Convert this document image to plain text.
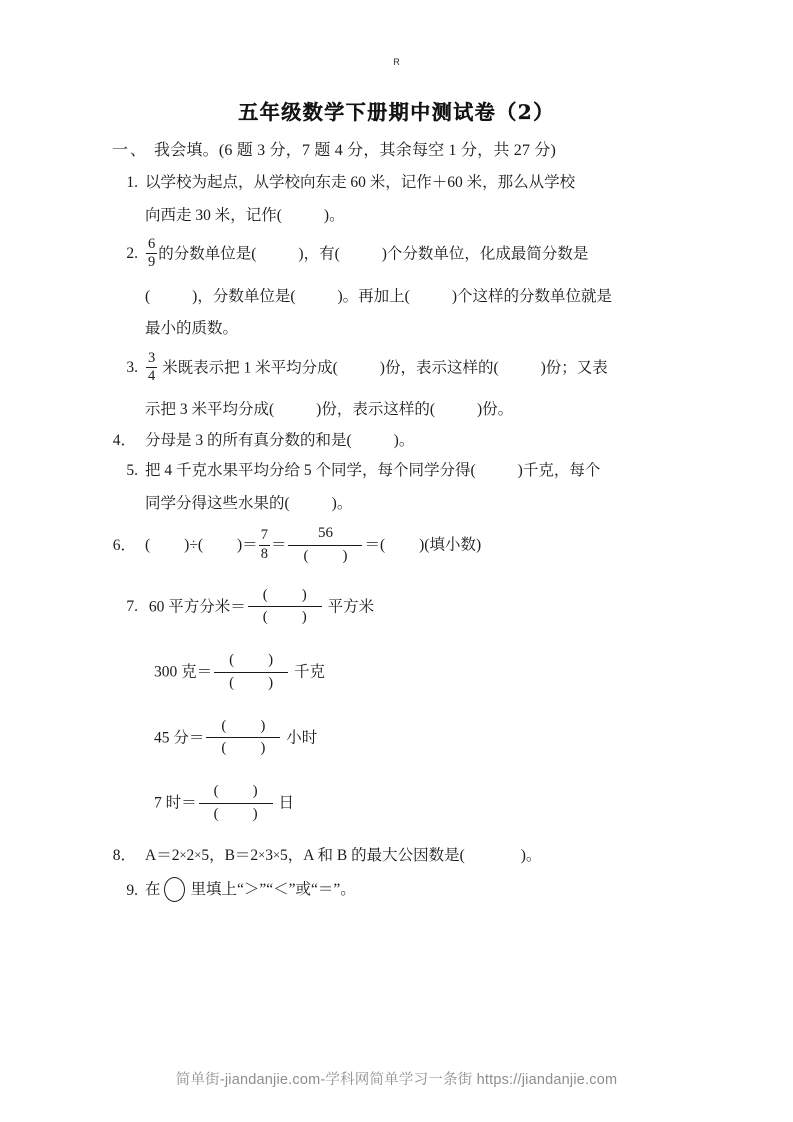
R
五年级数学下册期中测试卷（2）
一、 我会填。(6 题 3 分，7 题 4 分，其余每空 1 分，共 27 分)
1. 以学校为起点，从学校向东走 60 米，记作＋60 米，那么从学校
向西走 30 米，记作(	)。
2. $\frac{6}{9}$ 的分数单位是(	)，有(	)个分数单位，化成最简分数是
(	)，分数单位是(	)。再加上(	)个这样的分数单位就是
最小的质数。
3. $\frac{3}{4}$ 米既表示把 1 米平均分成(	)份，表示这样的(	)份；又表
示把 3 米平均分成(	)份，表示这样的(	)份。
4． 分母是 3 的所有真分数的和是(	)。
5. 把 4 千克水果平均分给 5 个同学，每个同学分得(	)千克，每个
同学分得这些水果的(	)。
6． ( )÷( )＝ $\frac{7}{8}$ ＝
56
( )
＝( )(填小数)
7. 60 平方分米＝
( )
( )
平方米
300 克＝
( )
( )
千克
45 分＝
( )
( )
小时
7 时＝
( )
( )
日
8． A＝2×2×5，B＝2×3×5，A 和 B 的最大公因数是(	)。
9. 在 里填上“＞”“＜”或“＝”。
简单街-jiandanjie.com-学科网简单学习一条街 https://jiandanjie.com
